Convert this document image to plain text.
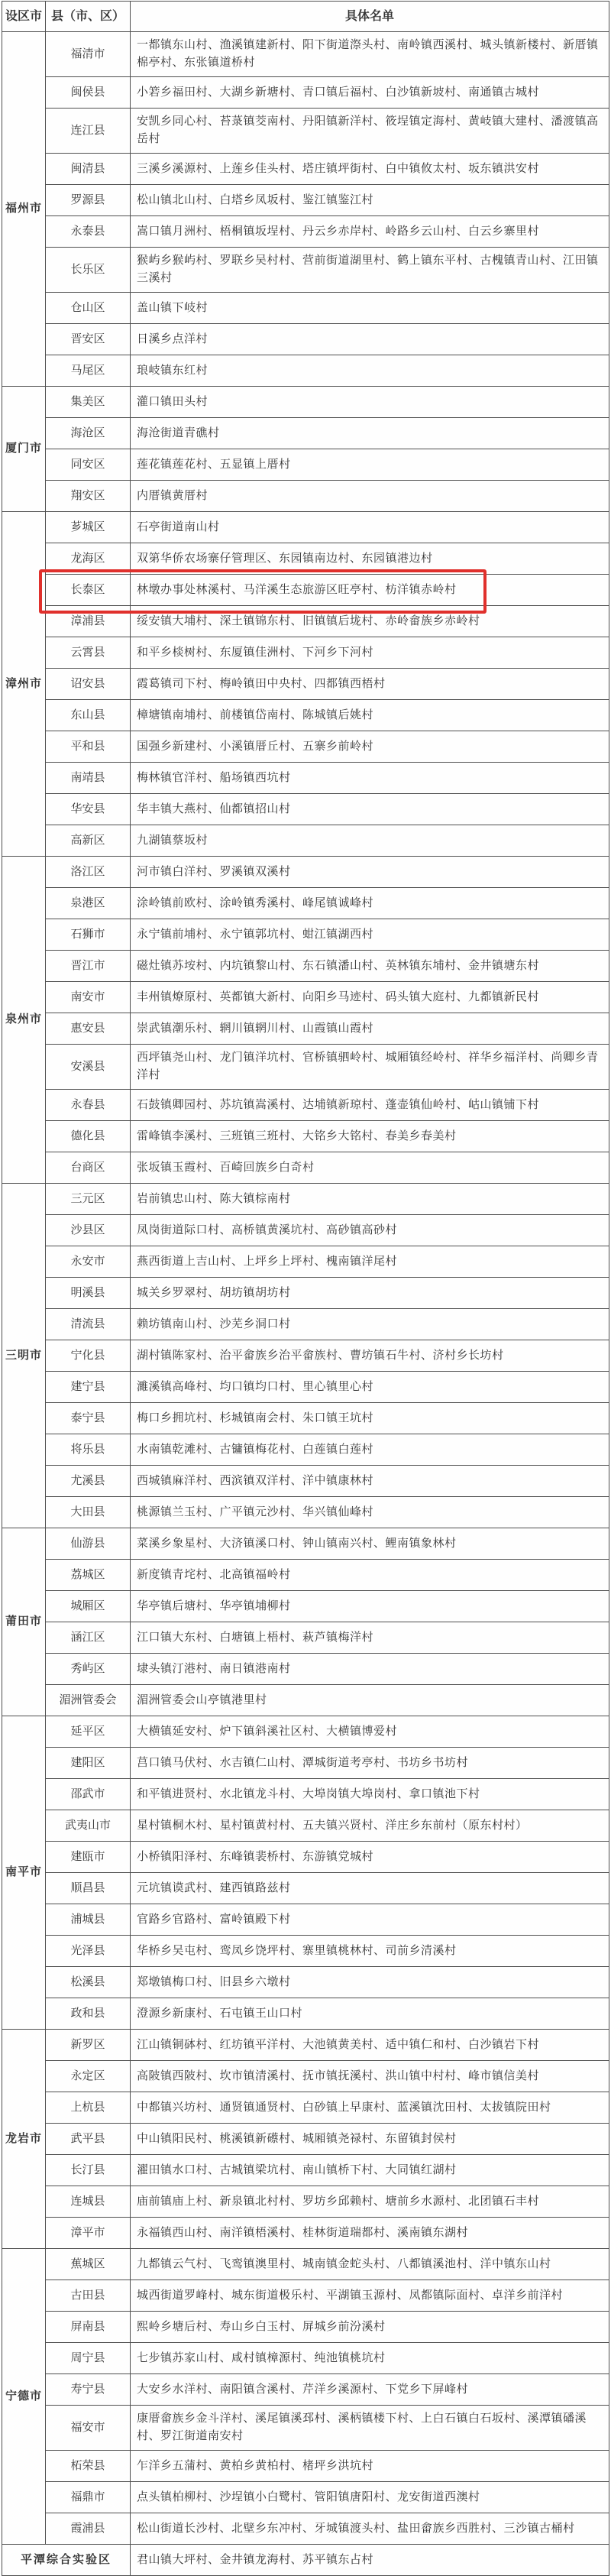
设区市	县（市、区）	具体名单
福州市	福清市	一都镇东山村、渔溪镇建新村、阳下街道漈头村、南岭镇西溪村、城头镇新楼村、新厝镇棉亭村、东张镇道桥村
	闽侯县	小箬乡福田村、大湖乡新塘村、青口镇后福村、白沙镇新坡村、南通镇古城村
	连江县	安凯乡同心村、苔菉镇茭南村、丹阳镇新洋村、筱埕镇定海村、黄岐镇大建村、潘渡镇高岳村
	闽清县	三溪乡溪源村、上莲乡佳头村、塔庄镇坪街村、白中镇攸太村、坂东镇洪安村
	罗源县	松山镇北山村、白塔乡凤坂村、鉴江镇鉴江村
	永泰县	嵩口镇月洲村、梧桐镇坂埕村、丹云乡赤岸村、岭路乡云山村、白云乡寨里村
	长乐区	猴屿乡猴屿村、罗联乡吴村村、营前街道湖里村、鹤上镇东平村、古槐镇青山村、江田镇三溪村
	仓山区	盖山镇下岐村
	晋安区	日溪乡点洋村
	马尾区	琅岐镇东红村
厦门市	集美区	灌口镇田头村
	海沧区	海沧街道青礁村
	同安区	莲花镇莲花村、五显镇上厝村
	翔安区	内厝镇黄厝村
漳州市	芗城区	石亭街道南山村
	龙海区	双第华侨农场寨仔管理区、东园镇南边村、东园镇港边村
	长泰区	林墩办事处林溪村、马洋溪生态旅游区旺亭村、枋洋镇赤岭村
	漳浦县	绥安镇大埔村、深土镇锦东村、旧镇镇后垅村、赤岭畲族乡赤岭村
	云霄县	和平乡棪树村、东厦镇佳洲村、下河乡下河村
	诏安县	霞葛镇司下村、梅岭镇田中央村、四都镇西梧村
	东山县	樟塘镇南埔村、前楼镇岱南村、陈城镇后姚村
	平和县	国强乡新建村、小溪镇厝丘村、五寨乡前岭村
	南靖县	梅林镇官洋村、船场镇西坑村
	华安县	华丰镇大燕村、仙都镇招山村
	高新区	九湖镇蔡坂村
泉州市	洛江区	河市镇白洋村、罗溪镇双溪村
	泉港区	涂岭镇前欧村、涂岭镇秀溪村、峰尾镇诚峰村
	石狮市	永宁镇前埔村、永宁镇郭坑村、蚶江镇湖西村
	晋江市	磁灶镇苏垵村、内坑镇黎山村、东石镇潘山村、英林镇东埔村、金井镇塘东村
	南安市	丰州镇燎原村、英都镇大新村、向阳乡马迹村、码头镇大庭村、九都镇新民村
	惠安县	崇武镇潮乐村、辋川镇辋川村、山霞镇山霞村
	安溪县	西坪镇尧山村、龙门镇洋坑村、官桥镇驷岭村、城厢镇经岭村、祥华乡福洋村、尚卿乡青洋村
	永春县	石鼓镇卿园村、苏坑镇嵩溪村、达埔镇新琼村、蓬壶镇仙岭村、岵山镇铺下村
	德化县	雷峰镇李溪村、三班镇三班村、大铭乡大铭村、春美乡春美村
	台商区	张坂镇玉霞村、百崎回族乡白奇村
三明市	三元区	岩前镇忠山村、陈大镇棕南村
	沙县区	凤岗街道际口村、高桥镇黄溪坑村、高砂镇高砂村
	永安市	燕西街道上吉山村、上坪乡上坪村、槐南镇洋尾村
	明溪县	城关乡罗翠村、胡坊镇胡坊村
	清流县	赖坊镇南山村、沙芜乡洞口村
	宁化县	湖村镇陈家村、治平畲族乡治平畲族村、曹坊镇石牛村、济村乡长坊村
	建宁县	濉溪镇高峰村、均口镇均口村、里心镇里心村
	泰宁县	梅口乡拥坑村、杉城镇南会村、朱口镇王坑村
	将乐县	水南镇乾滩村、古镛镇梅花村、白莲镇白莲村
	尤溪县	西城镇麻洋村、西滨镇双洋村、洋中镇康林村
	大田县	桃源镇兰玉村、广平镇元沙村、华兴镇仙峰村
莆田市	仙游县	菜溪乡象星村、大济镇溪口村、钟山镇南兴村、鲤南镇象林村
	荔城区	新度镇青垞村、北高镇福岭村
	城厢区	华亭镇后塘村、华亭镇埔柳村
	涵江区	江口镇大东村、白塘镇上梧村、萩芦镇梅洋村
	秀屿区	埭头镇汀港村、南日镇港南村
	湄洲管委会	湄洲管委会山亭镇港里村
南平市	延平区	大横镇延安村、炉下镇斜溪社区村、大横镇博爱村
	建阳区	莒口镇马伏村、水吉镇仁山村、潭城街道考亭村、书坊乡书坊村
	邵武市	和平镇进贤村、水北镇龙斗村、大埠岗镇大埠岗村、拿口镇池下村
	武夷山市	星村镇桐木村、星村镇黄村村、五夫镇兴贤村、洋庄乡东前村（原东村村）
	建瓯市	小桥镇阳泽村、东峰镇裴桥村、东游镇党城村
	顺昌县	元坑镇谟武村、建西镇路兹村
	浦城县	官路乡官路村、富岭镇殿下村
	光泽县	华桥乡吴屯村、鸾凤乡饶坪村、寨里镇桃林村、司前乡清溪村
	松溪县	郑墩镇梅口村、旧县乡六墩村
	政和县	澄源乡新康村、石屯镇王山口村
龙岩市	新罗区	江山镇铜砵村、红坊镇平洋村、大池镇黄美村、适中镇仁和村、白沙镇岩下村
	永定区	高陂镇西陂村、坎市镇清溪村、抚市镇抚溪村、洪山镇中村村、峰市镇信美村
	上杭县	中都镇兴坊村、通贤镇通贤村、白砂镇上早康村、蓝溪镇沈田村、太拔镇院田村
	武平县	中山镇阳民村、桃溪镇新礤村、城厢镇尧禄村、东留镇封侯村
	长汀县	濯田镇水口村、古城镇梁坑村、南山镇桥下村、大同镇红湖村
	连城县	庙前镇庙上村、新泉镇北村村、罗坊乡邱赖村、塘前乡水源村、北团镇石丰村
	漳平市	永福镇西山村、南洋镇梧溪村、桂林街道瑞都村、溪南镇东湖村
宁德市	蕉城区	九都镇云气村、飞鸾镇澳里村、城南镇金蛇头村、八都镇溪池村、洋中镇东山村
	古田县	城西街道罗峰村、城东街道极乐村、平湖镇玉源村、凤都镇际面村、卓洋乡前洋村
	屏南县	熙岭乡塘后村、寿山乡白玉村、屏城乡前汾溪村
	周宁县	七步镇苏家山村、咸村镇樟源村、纯池镇桃坑村
	寿宁县	大安乡水洋村、南阳镇含溪村、芹洋乡溪源村、下党乡下屏峰村
	福安市	康厝畲族乡金斗洋村、溪尾镇溪邳村、溪柄镇楼下村、上白石镇白石坂村、溪潭镇磻溪村、罗江街道南安村
	柘荣县	乍洋乡五蒲村、黄柏乡黄柏村、楮坪乡洪坑村
	福鼎市	点头镇柏柳村、沙埕镇小白鹭村、管阳镇唐阳村、龙安街道西澳村
	霞浦县	松山街道长沙村、北壁乡东冲村、牙城镇渡头村、盐田畲族乡西胜村、三沙镇古桶村
平潭综合实验区		君山镇大坪村、金井镇龙海村、苏平镇东占村
